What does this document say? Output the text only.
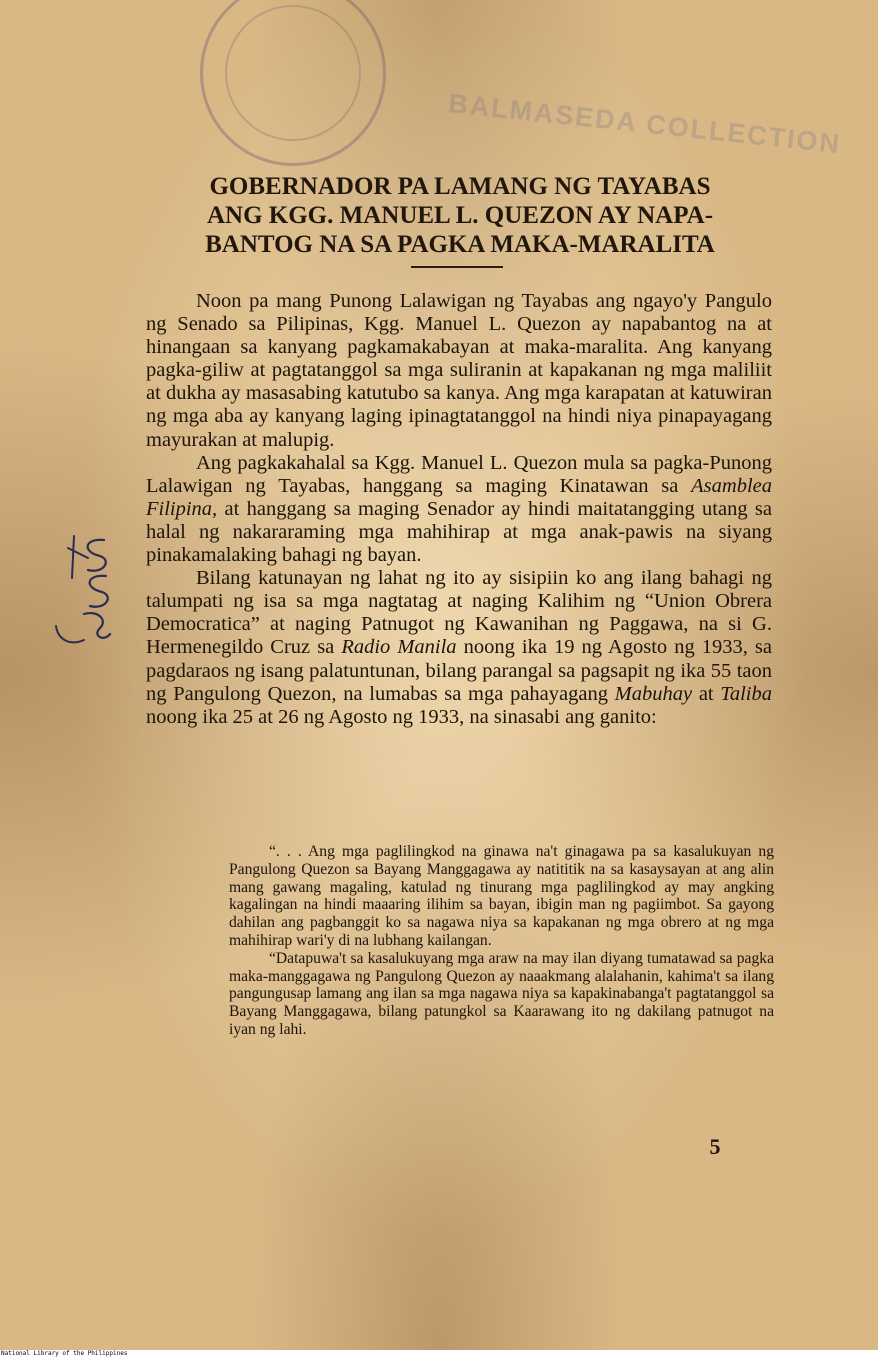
BALMASEDA COLLECTION
GOBERNADOR PA LAMANG NG TAYABAS
ANG KGG. MANUEL L. QUEZON AY NAPA-
BANTOG NA SA PAGKA MAKA-MARALITA

Noon pa mang Punong Lalawigan ng Tayabas ang ngayo'y Pangulo ng Senado sa Pilipinas, Kgg. Manuel L. Quezon ay napabantog na at hinangaan sa kanyang pagkamakabayan at maka-maralita. Ang kanyang pagka-giliw at pagtatanggol sa mga suliranin at kapakanan ng mga maliliit at dukha ay masasabing katutubo sa kanya. Ang mga karapatan at katuwiran ng mga aba ay kanyang laging ipinagtatanggol na hindi niya pinapayagang mayurakan at malupig.

Ang pagkakahalal sa Kgg. Manuel L. Quezon mula sa pagka-Punong Lalawigan ng Tayabas, hanggang sa maging Kinatawan sa Asamblea Filipina, at hanggang sa maging Senador ay hindi maitatangging utang sa halal ng nakararaming mga mahihirap at mga anak-pawis na siyang pinakamalaking bahagi ng bayan.

Bilang katunayan ng lahat ng ito ay sisipiin ko ang ilang bahagi ng talumpati ng isa sa mga nagtatag at naging Kalihim ng “Union Obrera Democratica” at naging Patnugot ng Kawanihan ng Paggawa, na si G. Hermenegildo Cruz sa Radio Manila noong ika 19 ng Agosto ng 1933, sa pagdaraos ng isang palatuntunan, bilang parangal sa pagsapit ng ika 55 taon ng Pangulong Quezon, na lumabas sa mga pahayagang Mabuhay at Taliba noong ika 25 at 26 ng Agosto ng 1933, na sinasabi ang ganito:

“. . . Ang mga paglilingkod na ginawa na't ginagawa pa sa kasalukuyan ng Pangulong Quezon sa Bayang Manggagawa ay natititik na sa kasaysayan at ang alin mang gawang magaling, katulad ng tinurang mga paglilingkod ay may angking kagalingan na hindi maaaring ilihim sa bayan, ibigin man ng pagiimbot. Sa gayong dahilan ang pagbanggit ko sa nagawa niya sa kapakanan ng mga obrero at ng mga mahihirap wari'y di na lubhang kailangan.

“Datapuwa't sa kasalukuyang mga araw na may ilan diyang tumatawad sa pagka maka-manggagawa ng Pangulong Quezon ay naaakmang alalahanin, kahima't sa ilang pangungusap lamang ang ilan sa mga nagawa niya sa kapakinabanga't pagtatanggol sa Bayang Manggagawa, bilang patungkol sa Kaarawang ito ng dakilang patnugot na iyan ng lahi.

5
National Library of the Philippines
